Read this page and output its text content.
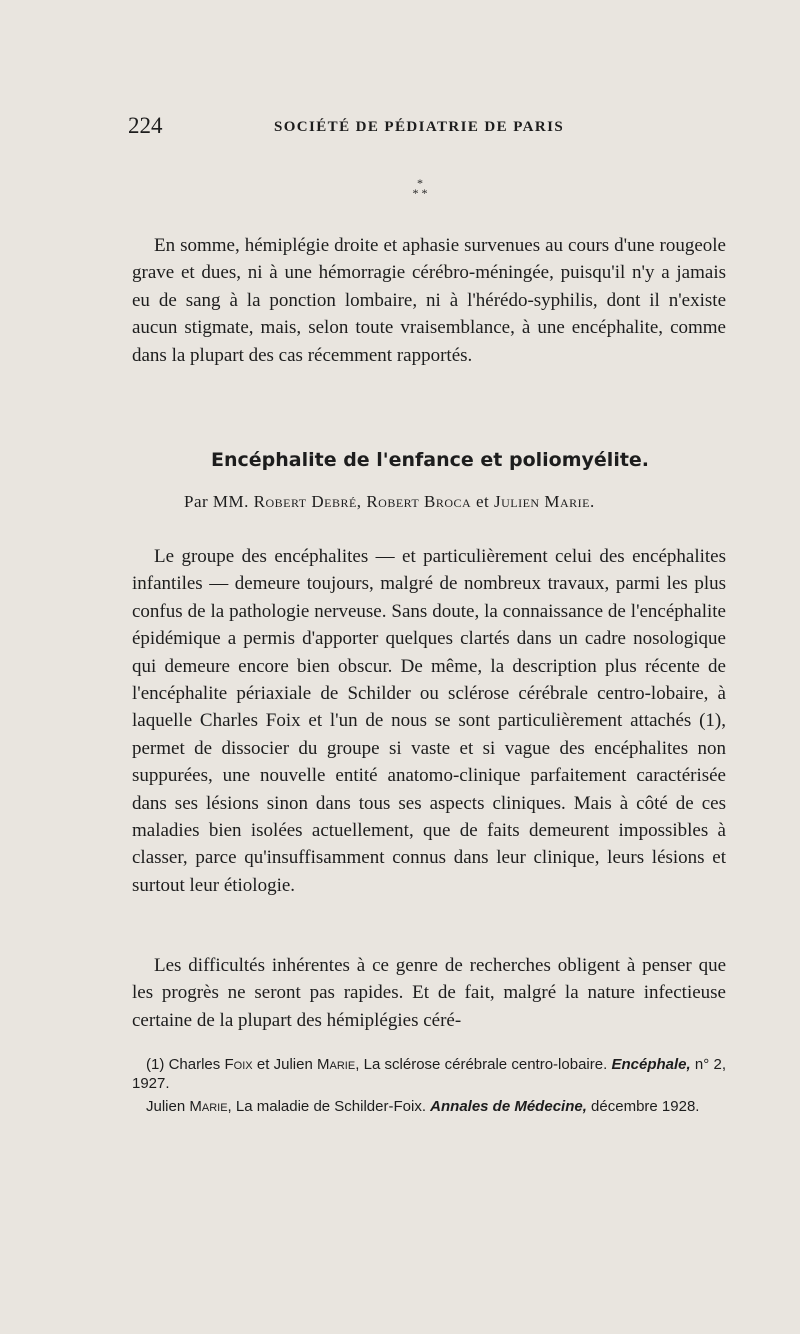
224	SOCIÉTÉ DE PÉDIATRIE DE PARIS
*
* *

En somme, hémiplégie droite et aphasie survenues au cours d'une rougeole grave et dues, ni à une hémorragie cérébro-méningée, puisqu'il n'y a jamais eu de sang à la ponction lombaire, ni à l'hérédo-syphilis, dont il n'existe aucun stigmate, mais, selon toute vraisemblance, à une encéphalite, comme dans la plupart des cas récemment rapportés.

Encéphalite de l'enfance et poliomyélite.
Par MM. Robert Debré, Robert Broca et Julien Marie.

Le groupe des encéphalites — et particulièrement celui des encéphalites infantiles — demeure toujours, malgré de nombreux travaux, parmi les plus confus de la pathologie nerveuse. Sans doute, la connaissance de l'encéphalite épidémique a permis d'apporter quelques clartés dans un cadre nosologique qui demeure encore bien obscur. De même, la description plus récente de l'encéphalite périaxiale de Schilder ou sclérose cérébrale centro-lobaire, à laquelle Charles Foix et l'un de nous se sont particulièrement attachés (1), permet de dissocier du groupe si vaste et si vague des encéphalites non suppurées, une nouvelle entité anatomo-clinique parfaitement caractérisée dans ses lésions sinon dans tous ses aspects cliniques. Mais à côté de ces maladies bien isolées actuellement, que de faits demeurent impossibles à classer, parce qu'insuffisamment connus dans leur clinique, leurs lésions et surtout leur étiologie.

Les difficultés inhérentes à ce genre de recherches obligent à penser que les progrès ne seront pas rapides. Et de fait, malgré la nature infectieuse certaine de la plupart des hémiplégies céré-

(1) Charles Foix et Julien Marie, La sclérose cérébrale centro-lobaire. Encéphale, n° 2, 1927.

Julien Marie, La maladie de Schilder-Foix. Annales de Médecine, décembre 1928.
